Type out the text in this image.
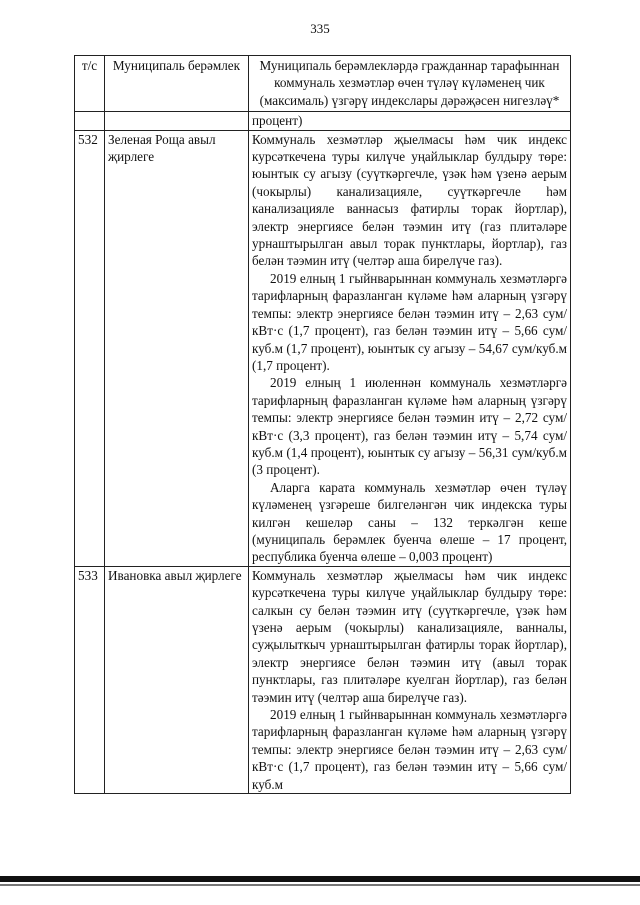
335
т/с	Муниципаль берәмлек	Муниципаль берәмлекләрдә гражданнар тарафыннан коммуналь хезмәтләр өчен түләү күләменең чик (максималь) үзгәрү индекслары дәрәҗәсен нигезләү*

		процент)

532	Зеленая Роща авыл җирлеге	Коммуналь хезмәтләр җыелмасы һәм чик индекс курсәткечена туры килүче уңайлыклар булдыру төре: юынтык су агызу (суүткәргечле, үзәк һәм үзенә аерым (чокырлы) канализацияле, суүткәргечле һәм канализацияле ваннасыз фатирлы торак йортлар), электр энергиясе белән тәэмин итү (газ плитәләре урнаштырылган авыл торак пунктлары, йортлар), газ белән тәэмин итү (челтәр аша бирелүче газ).

2019 елның 1 гыйнварыннан коммуналь хезмәтләргә тарифларның фаразланган күләме һәм аларның үзгәрү темпы: электр энергиясе белән тәэмин итү – 2,63 сум/кВт·с (1,7 процент), газ белән тәэмин итү – 5,66 сум/куб.м (1,7 процент), юынтык су агызу – 54,67 сум/куб.м (1,7 процент).

2019 елның 1 июленнән коммуналь хезмәтләргә тарифларның фаразланган күләме һәм аларның үзгәрү темпы: электр энергиясе белән тәэмин итү – 2,72 сум/кВт·с (3,3 процент), газ белән тәэмин итү – 5,74 сум/куб.м (1,4 процент), юынтык су агызу – 56,31 сум/куб.м (3 процент).

Аларга карата коммуналь хезмәтләр өчен түләү күләменең үзгәреше билгеләнгән чик индекска туры килгән кешеләр саны – 132 теркәлгән кеше (муниципаль берәмлек буенча өлеше – 17 процент, республика буенча өлеше – 0,003 процент)

533	Ивановка авыл җирлеге	Коммуналь хезмәтләр җыелмасы һәм чик индекс курсәткечена туры килүче уңайлыклар булдыру төре: салкын су белән тәэмин итү (суүткәргечле, үзәк һәм үзенә аерым (чокырлы) канализацияле, ванналы, суҗылыткыч урнаштырылган фатирлы торак йортлар), электр энергиясе белән тәэмин итү (авыл торак пунктлары, газ плитәләре куелган йортлар), газ белән тәэмин итү (челтәр аша бирелүче газ).

2019 елның 1 гыйнварыннан коммуналь хезмәтләргә тарифларның фаразланган күләме һәм аларның үзгәрү темпы: электр энергиясе белән тәэмин итү – 2,63 сум/кВт·с (1,7 процент), газ белән тәэмин итү – 5,66 сум/куб.м
